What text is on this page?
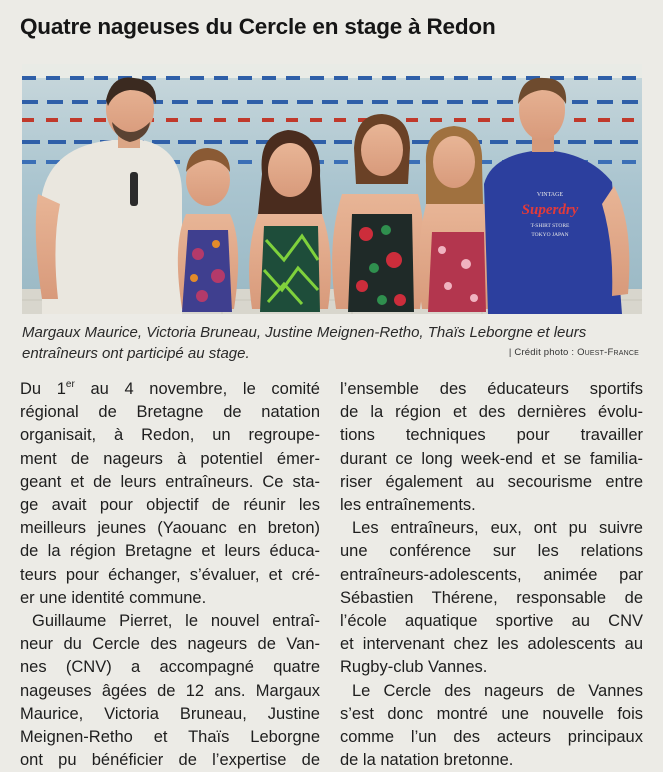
Quatre nageuses du Cercle en stage à Redon
VINTAGE
Superdry
T-SHIRT STORE
TOKYO JAPAN
Margaux Maurice, Victoria Bruneau, Justine Meignen-Retho, Thaïs Leborgne et leurs entraîneurs ont participé au stage.	| Crédit photo : Ouest-France

Du 1er au 4 novembre, le comité
régional de Bretagne de natation
organisait, à Redon, un regroupe-
ment de nageurs à potentiel émer-
geant et de leurs entraîneurs. Ce sta-
ge avait pour objectif de réunir les
meilleurs jeunes (Yaouanc en breton)
de la région Bretagne et leurs éduca-
teurs pour échanger, s’évaluer, et cré-
er une identité commune.

Guillaume Pierret, le nouvel entraî-
neur du Cercle des nageurs de Van-
nes (CNV) a accompagné quatre
nageuses âgées de 12 ans. Margaux
Maurice, Victoria Bruneau, Justine
Meignen-Retho et Thaïs Leborgne
ont pu bénéficier de l’expertise de

l’ensemble des éducateurs sportifs
de la région et des dernières évolu-
tions techniques pour travailler
durant ce long week-end et se familia-
riser également au secourisme entre
les entraînements.

Les entraîneurs, eux, ont pu suivre
une conférence sur les relations
entraîneurs-adolescents, animée par
Sébastien Thérene, responsable de
l’école aquatique sportive au CNV
et intervenant chez les adolescents au
Rugby-club Vannes.

Le Cercle des nageurs de Vannes
s’est donc montré une nouvelle fois
comme l’un des acteurs principaux
de la natation bretonne.
